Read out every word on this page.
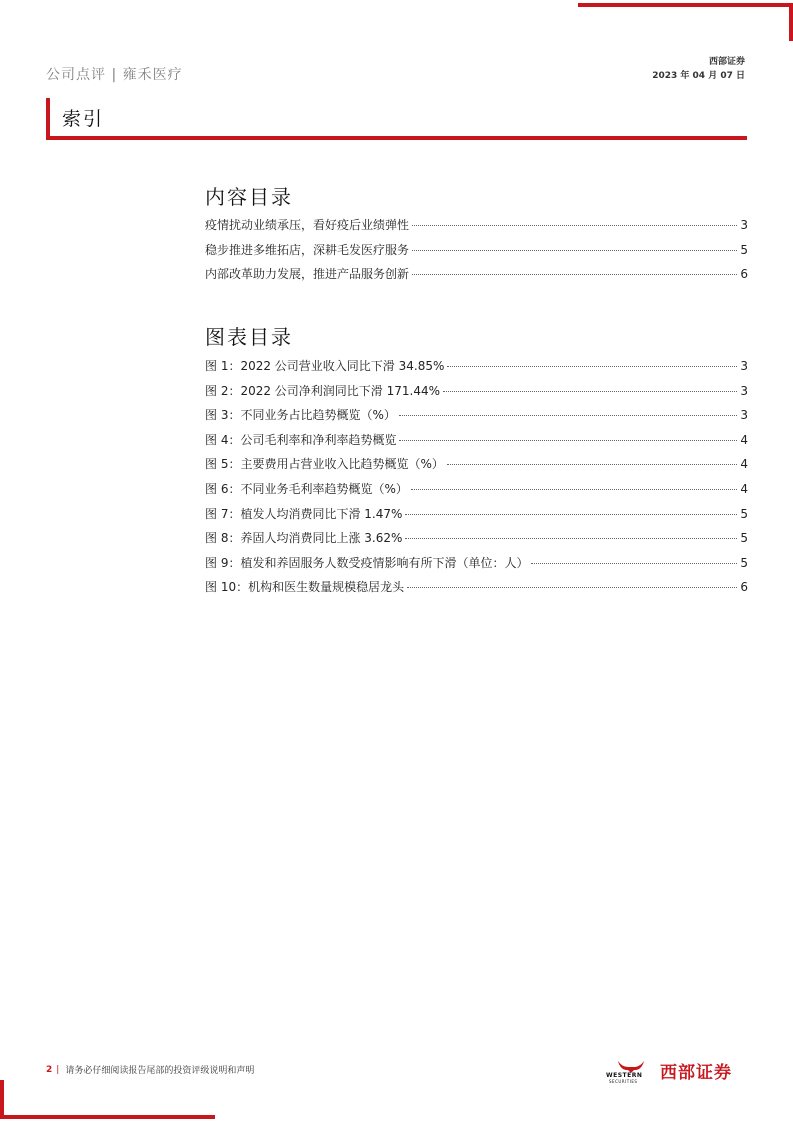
公司点评 | 雍禾医疗
西部证券
2023 年 04 月 07 日
索引
内容目录
疫情扰动业绩承压，看好疫后业绩弹性	3
稳步推进多维拓店，深耕毛发医疗服务	5
内部改革助力发展，推进产品服务创新	6
图表目录
图 1：2022 公司营业收入同比下滑 34.85%	3
图 2：2022 公司净利润同比下滑 171.44%	3
图 3：不同业务占比趋势概览（%）	3
图 4：公司毛利率和净利率趋势概览	4
图 5：主要费用占营业收入比趋势概览（%）	4
图 6：不同业务毛利率趋势概览（%）	4
图 7：植发人均消费同比下滑 1.47%	5
图 8：养固人均消费同比上涨 3.62%	5
图 9：植发和养固服务人数受疫情影响有所下滑（单位：人）	5
图 10：机构和医生数量规模稳居龙头	6
2 | 请务必仔细阅读报告尾部的投资评级说明和声明	WESTERN
SECURITIES 西部证券
